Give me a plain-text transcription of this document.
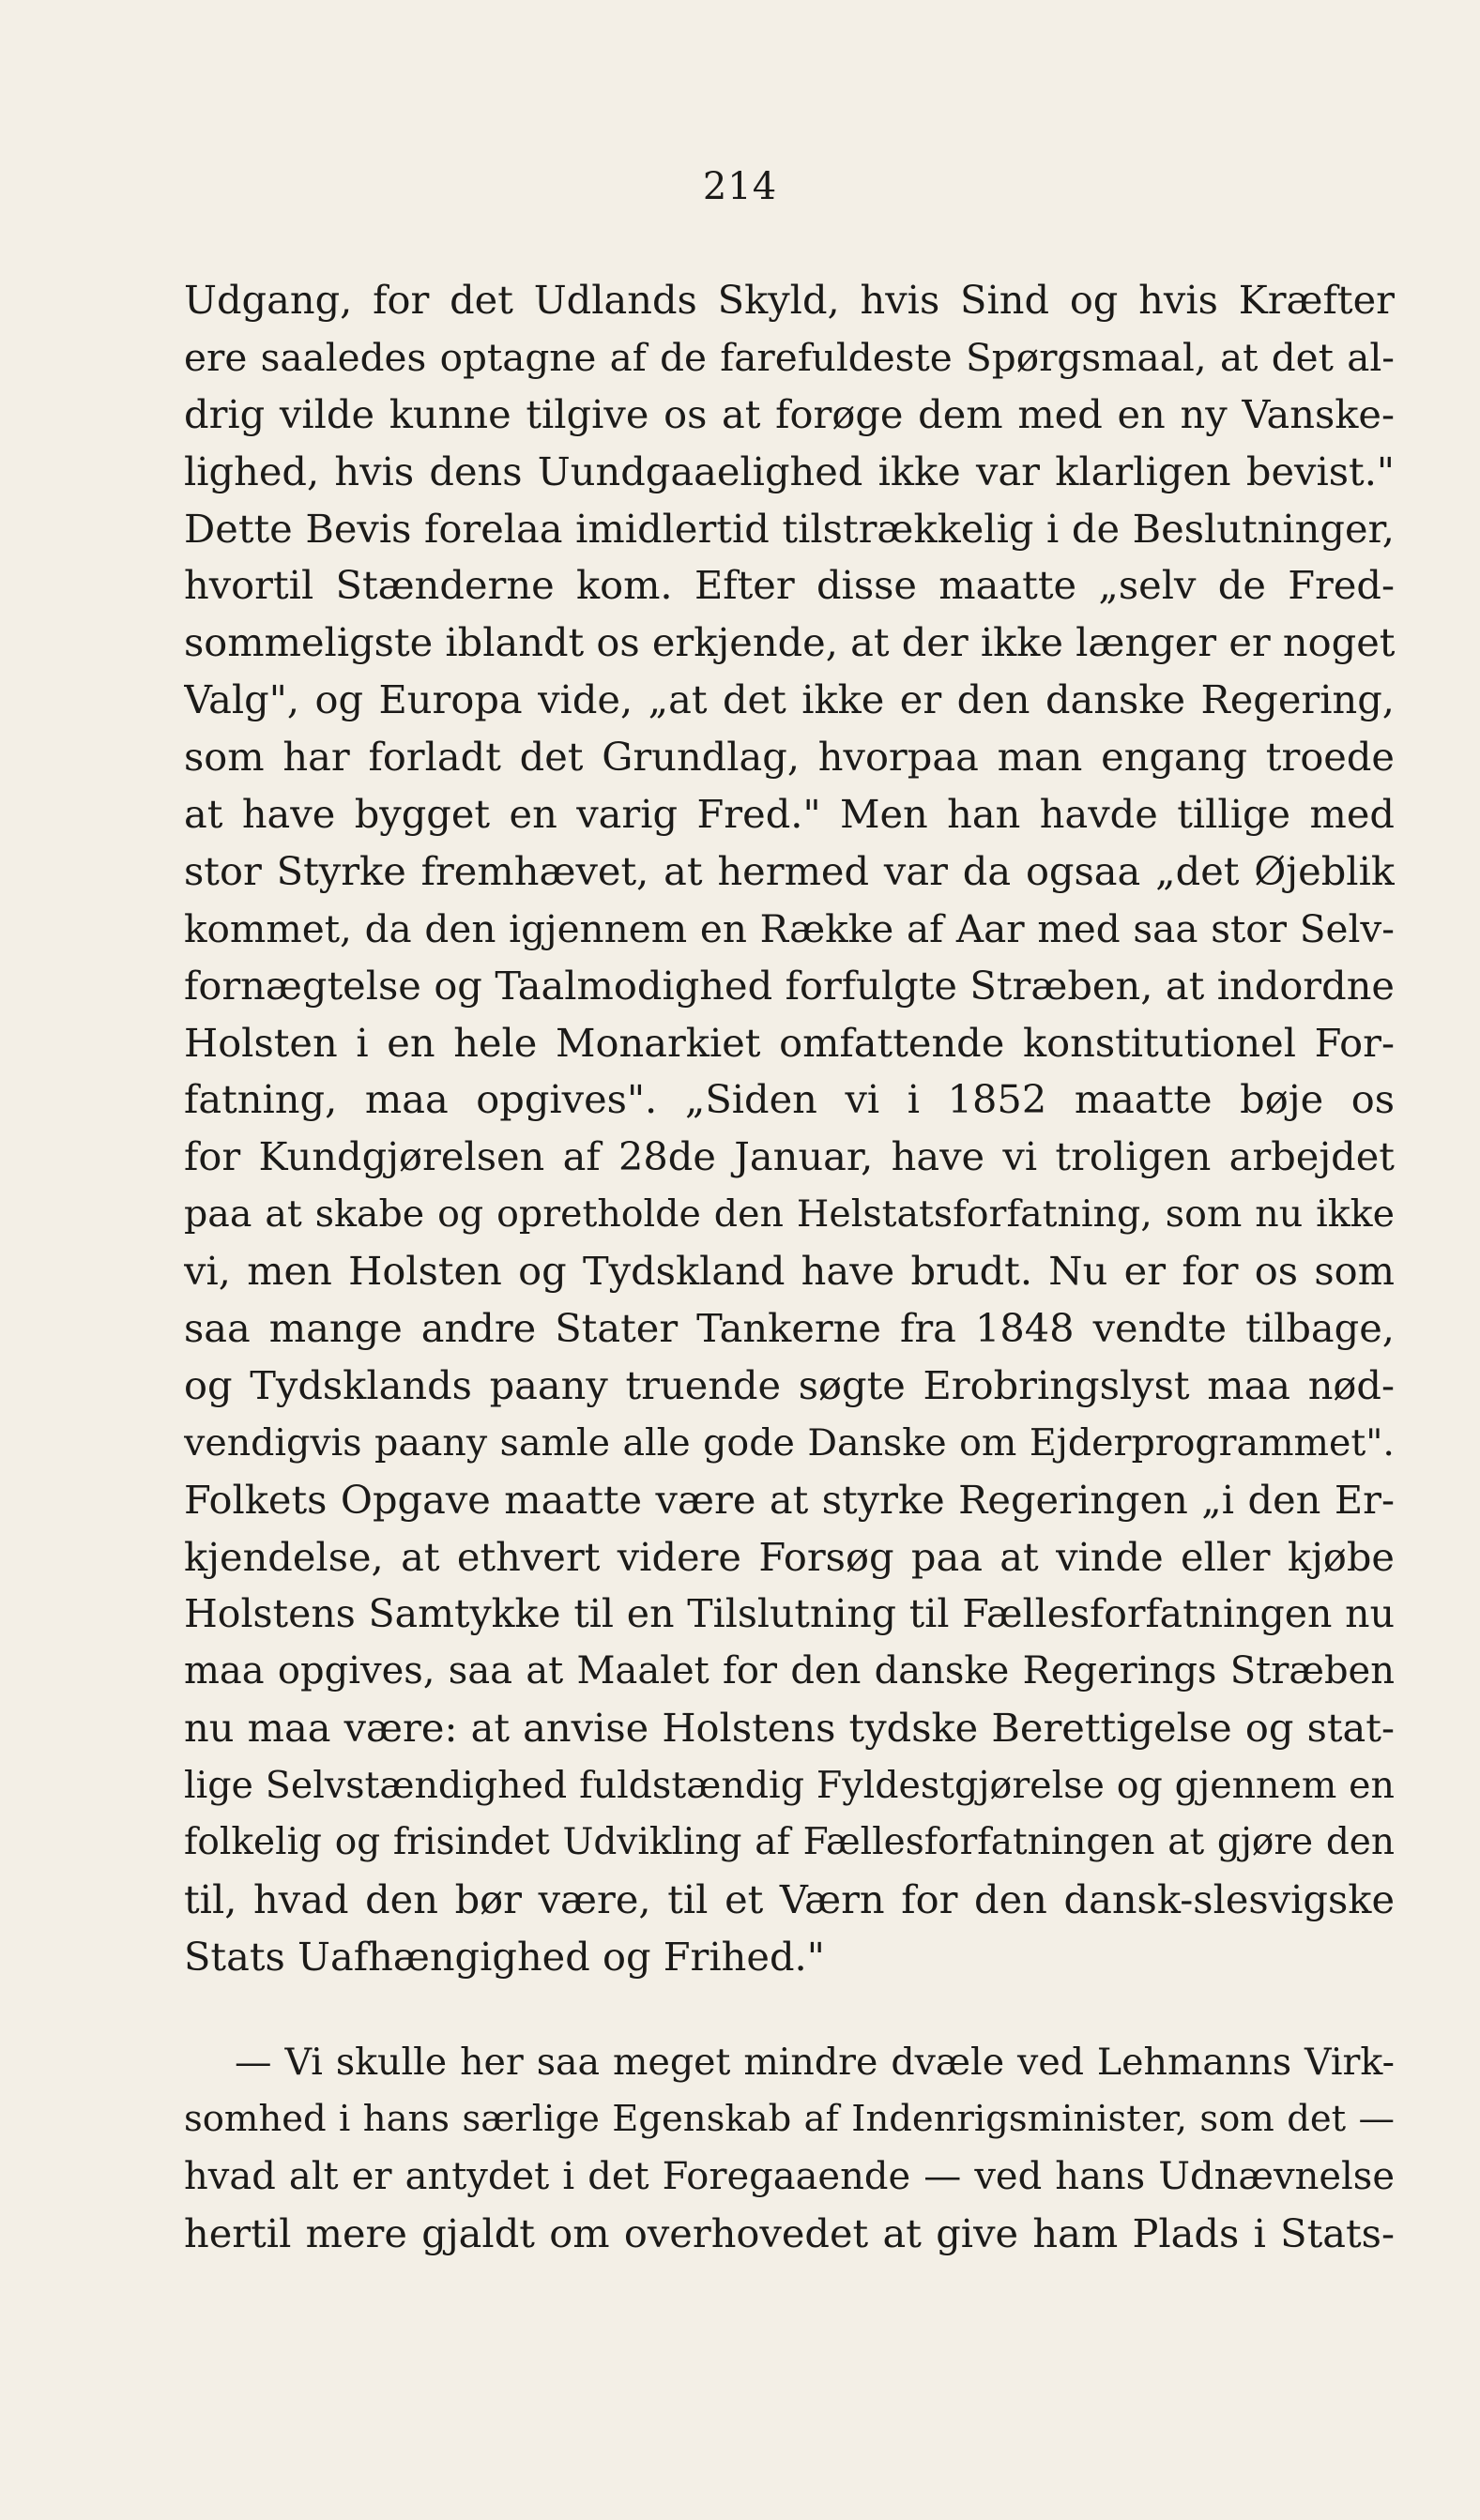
214
Udgang, for det Udlands Skyld, hvis Sind og hvis Kræfter
ere saaledes optagne af de farefuldeste Spørgsmaal, at det al-
drig vilde kunne tilgive os at forøge dem med en ny Vanske-
lighed, hvis dens Uundgaaelighed ikke var klarligen bevist."
Dette Bevis forelaa imidlertid tilstrækkelig i de Beslutninger,
hvortil Stænderne kom. Efter disse maatte „selv de Fred-
sommeligste iblandt os erkjende, at der ikke længer er noget
Valg", og Europa vide, „at det ikke er den danske Regering,
som har forladt det Grundlag, hvorpaa man engang troede
at have bygget en varig Fred." Men han havde tillige med
stor Styrke fremhævet, at hermed var da ogsaa „det Øjeblik
kommet, da den igjennem en Række af Aar med saa stor Selv-
fornægtelse og Taalmodighed forfulgte Stræben, at indordne
Holsten i en hele Monarkiet omfattende konstitutionel For-
fatning, maa opgives". „Siden vi i 1852 maatte bøje os
for Kundgjørelsen af 28de Januar, have vi troligen arbejdet
paa at skabe og opretholde den Helstatsforfatning, som nu ikke
vi, men Holsten og Tydskland have brudt. Nu er for os som
saa mange andre Stater Tankerne fra 1848 vendte tilbage,
og Tydsklands paany truende søgte Erobringslyst maa nød-
vendigvis paany samle alle gode Danske om Ejderprogrammet".
Folkets Opgave maatte være at styrke Regeringen „i den Er-
kjendelse, at ethvert videre Forsøg paa at vinde eller kjøbe
Holstens Samtykke til en Tilslutning til Fællesforfatningen nu
maa opgives, saa at Maalet for den danske Regerings Stræben
nu maa være: at anvise Holstens tydske Berettigelse og stat-
lige Selvstændighed fuldstændig Fyldestgjørelse og gjennem en
folkelig og frisindet Udvikling af Fællesforfatningen at gjøre den
til, hvad den bør være, til et Værn for den dansk-slesvigske
Stats Uafhængighed og Frihed."
— Vi skulle her saa meget mindre dvæle ved Lehmanns Virk-
somhed i hans særlige Egenskab af Indenrigsminister, som det —
hvad alt er antydet i det Foregaaende — ved hans Udnævnelse
hertil mere gjaldt om overhovedet at give ham Plads i Stats-
